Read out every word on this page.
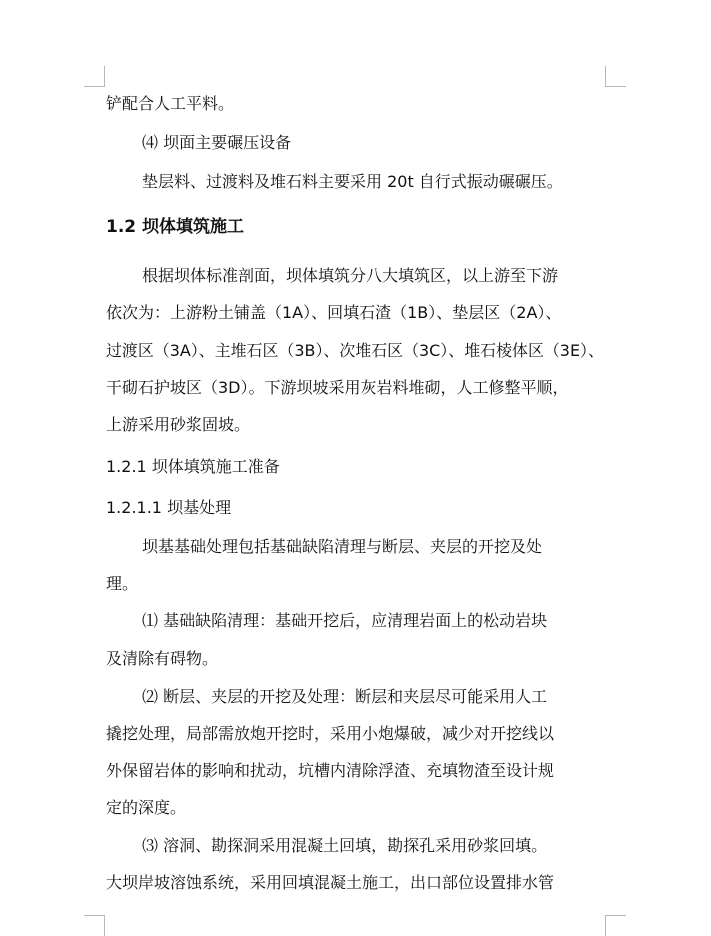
铲配合人工平料。
⑷ 坝面主要碾压设备
垫层料、过渡料及堆石料主要采用 20t 自行式振动碾碾压。
1.2 坝体填筑施工
根据坝体标准剖面，坝体填筑分八大填筑区，以上游至下游
依次为：上游粉土铺盖（1A）、回填石渣（1B）、垫层区（2A）、
过渡区（3A）、主堆石区（3B）、次堆石区（3C）、堆石棱体区（3E）、
干砌石护坡区（3D）。下游坝坡采用灰岩料堆砌，人工修整平顺，
上游采用砂浆固坡。
1.2.1 坝体填筑施工准备
1.2.1.1 坝基处理
坝基基础处理包括基础缺陷清理与断层、夹层的开挖及处
理。
⑴ 基础缺陷清理：基础开挖后，应清理岩面上的松动岩块
及清除有碍物。
⑵ 断层、夹层的开挖及处理：断层和夹层尽可能采用人工
撬挖处理，局部需放炮开挖时，采用小炮爆破，减少对开挖线以
外保留岩体的影响和扰动，坑槽内清除浮渣、充填物渣至设计规
定的深度。
⑶ 溶洞、勘探洞采用混凝土回填，勘探孔采用砂浆回填。
大坝岸坡溶蚀系统，采用回填混凝土施工，出口部位设置排水管
